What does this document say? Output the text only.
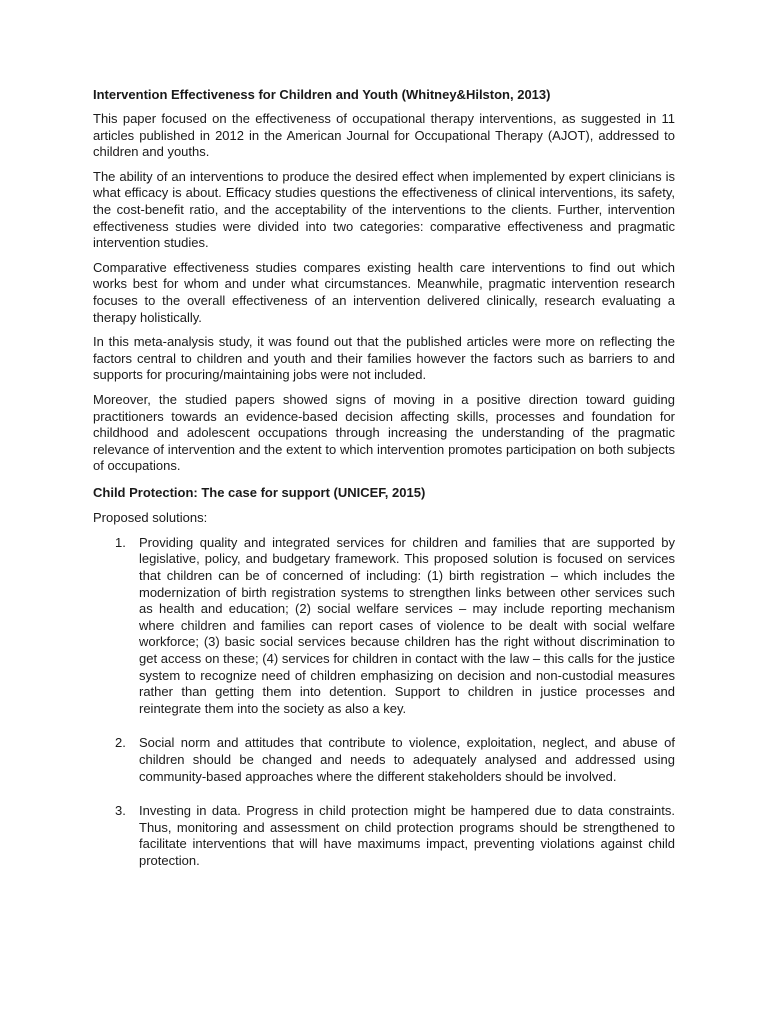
Intervention Effectiveness for Children and Youth (Whitney&Hilston, 2013)

This paper focused on the effectiveness of occupational therapy interventions, as suggested in 11 articles published in 2012 in the American Journal for Occupational Therapy (AJOT), addressed to children and youths.

The ability of an interventions to produce the desired effect when implemented by expert clinicians is what efficacy is about. Efficacy studies questions the effectiveness of clinical interventions, its safety, the cost-benefit ratio, and the acceptability of the interventions to the clients. Further, intervention effectiveness studies were divided into two categories: comparative effectiveness and pragmatic intervention studies.

Comparative effectiveness studies compares existing health care interventions to find out which works best for whom and under what circumstances. Meanwhile, pragmatic intervention research focuses to the overall effectiveness of an intervention delivered clinically, research evaluating a therapy holistically.

In this meta-analysis study, it was found out that the published articles were more on reflecting the factors central to children and youth and their families however the factors such as barriers to and supports for procuring/maintaining jobs were not included.

Moreover, the studied papers showed signs of moving in a positive direction toward guiding practitioners towards an evidence-based decision affecting skills, processes and foundation for childhood and adolescent occupations through increasing the understanding of the pragmatic relevance of intervention and the extent to which intervention promotes participation on both subjects of occupations.

Child Protection: The case for support (UNICEF, 2015)
Proposed solutions:
1. Providing quality and integrated services for children and families that are supported by legislative, policy, and budgetary framework. This proposed solution is focused on services that children can be of concerned of including: (1) birth registration – which includes the modernization of birth registration systems to strengthen links between other services such as health and education; (2) social welfare services – may include reporting mechanism where children and families can report cases of violence to be dealt with social welfare workforce; (3) basic social services because children has the right without discrimination to get access on these; (4) services for children in contact with the law – this calls for the justice system to recognize need of children emphasizing on decision and non-custodial measures rather than getting them into detention. Support to children in justice processes and reintegrate them into the society as also a key.
2. Social norm and attitudes that contribute to violence, exploitation, neglect, and abuse of children should be changed and needs to adequately analysed and addressed using community-based approaches where the different stakeholders should be involved.
3. Investing in data. Progress in child protection might be hampered due to data constraints. Thus, monitoring and assessment on child protection programs should be strengthened to facilitate interventions that will have maximums impact, preventing violations against child protection.
